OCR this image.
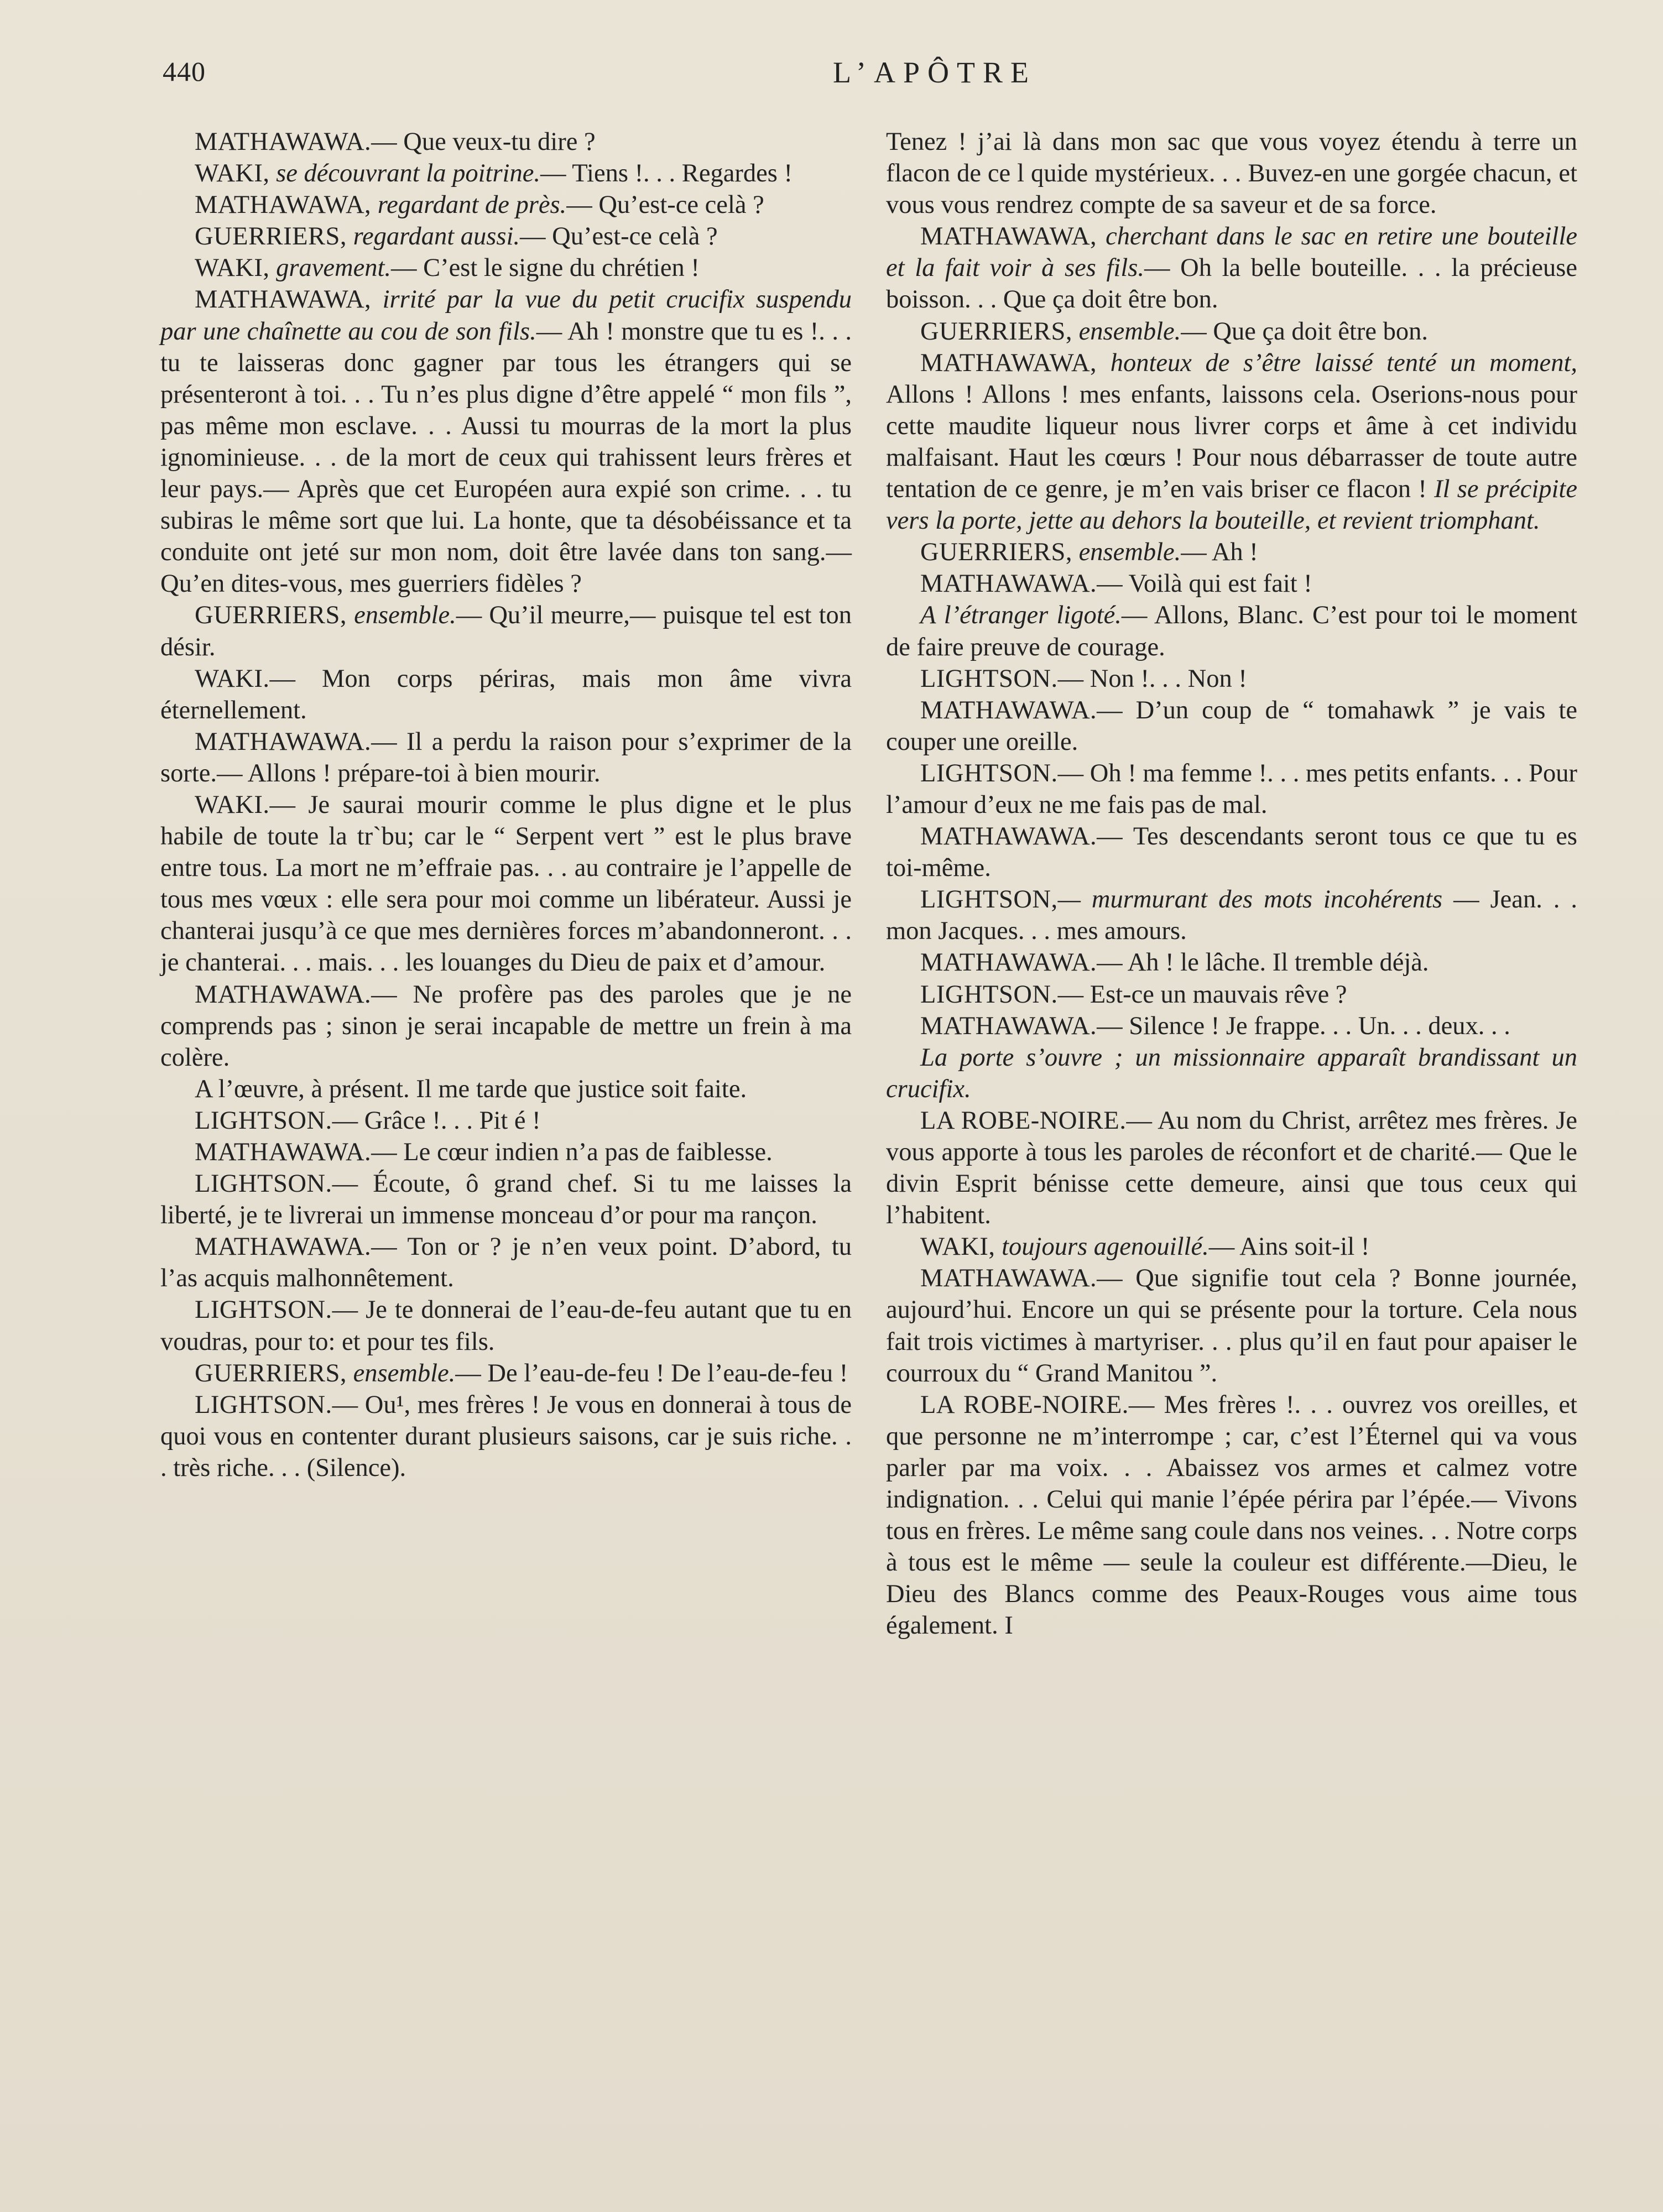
440	L’APÔTRE

MATHAWAWA.— Que veux-tu dire ?

WAKI, se découvrant la poitrine.— Tiens !. . . Regardes !

MATHAWAWA, regardant de près.— Qu’est-ce celà ?

GUERRIERS, regardant aussi.— Qu’est-ce celà ?

WAKI, gravement.— C’est le signe du chrétien !

MATHAWAWA, irrité par la vue du petit crucifix suspendu par une chaînette au cou de son fils.— Ah ! monstre que tu es !. . . tu te laisseras donc gagner par tous les étrangers qui se présenteront à toi. . . Tu n’es plus digne d’être appelé “ mon fils ”, pas même mon esclave. . . Aussi tu mourras de la mort la plus ignominieuse. . . de la mort de ceux qui trahissent leurs frères et leur pays.— Après que cet Européen aura expié son crime. . . tu subiras le même sort que lui. La honte, que ta désobéissance et ta conduite ont jeté sur mon nom, doit être lavée dans ton sang.— Qu’en dites-vous, mes guerriers fidèles ?

GUERRIERS, ensemble.— Qu’il meurre,— puisque tel est ton désir.

WAKI.— Mon corps périras, mais mon âme vivra éternellement.

MATHAWAWA.— Il a perdu la raison pour s’exprimer de la sorte.— Allons ! prépare-toi à bien mourir.

WAKI.— Je saurai mourir comme le plus digne et le plus habile de toute la tr`bu; car le “ Serpent vert ” est le plus brave entre tous. La mort ne m’effraie pas. . . au contraire je l’appelle de tous mes vœux : elle sera pour moi comme un libérateur. Aussi je chanterai jusqu’à ce que mes dernières forces m’abandonneront. . . je chanterai. . . mais. . . les louanges du Dieu de paix et d’amour.

MATHAWAWA.— Ne profère pas des paroles que je ne comprends pas ; sinon je serai incapable de mettre un frein à ma colère.

A l’œuvre, à présent. Il me tarde que justice soit faite.

LIGHTSON.— Grâce !. . . Pit é !

MATHAWAWA.— Le cœur indien n’a pas de faiblesse.

LIGHTSON.— Écoute, ô grand chef. Si tu me laisses la liberté, je te livrerai un immense monceau d’or pour ma rançon.

MATHAWAWA.— Ton or ? je n’en veux point. D’abord, tu l’as acquis malhonnêtement.

LIGHTSON.— Je te donnerai de l’eau-de-feu autant que tu en voudras, pour to: et pour tes fils.

GUERRIERS, ensemble.— De l’eau-de-feu ! De l’eau-de-feu !

LIGHTSON.— Ou¹, mes frères ! Je vous en donnerai à tous de quoi vous en contenter durant plusieurs saisons, car je suis riche. . . très riche. . . (Silence).

Tenez ! j’ai là dans mon sac que vous voyez étendu à terre un flacon de ce l quide mystérieux. . . Buvez-en une gorgée chacun, et vous vous rendrez compte de sa saveur et de sa force.

MATHAWAWA, cherchant dans le sac en retire une bouteille et la fait voir à ses fils.— Oh la belle bouteille. . . la précieuse boisson. . . Que ça doit être bon.

GUERRIERS, ensemble.— Que ça doit être bon.

MATHAWAWA, honteux de s’être laissé tenté un moment, Allons ! Allons ! mes enfants, laissons cela. Oserions-nous pour cette maudite liqueur nous livrer corps et âme à cet individu malfaisant. Haut les cœurs ! Pour nous débarrasser de toute autre tentation de ce genre, je m’en vais briser ce flacon ! Il se précipite vers la porte, jette au dehors la bouteille, et revient triomphant.

GUERRIERS, ensemble.— Ah !

MATHAWAWA.— Voilà qui est fait !

A l’étranger ligoté.— Allons, Blanc. C’est pour toi le moment de faire preuve de courage.

LIGHTSON.— Non !. . . Non !

MATHAWAWA.— D’un coup de “ tomahawk ” je vais te couper une oreille.

LIGHTSON.— Oh ! ma femme !. . . mes petits enfants. . . Pour l’amour d’eux ne me fais pas de mal.

MATHAWAWA.— Tes descendants seront tous ce que tu es toi-même.

LIGHTSON,— murmurant des mots incohérents — Jean. . . mon Jacques. . . mes amours.

MATHAWAWA.— Ah ! le lâche. Il tremble déjà.

LIGHTSON.— Est-ce un mauvais rêve ?

MATHAWAWA.— Silence ! Je frappe. . . Un. . . deux. . .

La porte s’ouvre ; un missionnaire apparaît brandissant un crucifix.

LA ROBE-NOIRE.— Au nom du Christ, arrêtez mes frères. Je vous apporte à tous les paroles de réconfort et de charité.— Que le divin Esprit bénisse cette demeure, ainsi que tous ceux qui l’habitent.

WAKI, toujours agenouillé.— Ains soit-il !

MATHAWAWA.— Que signifie tout cela ? Bonne journée, aujourd’hui. Encore un qui se présente pour la torture. Cela nous fait trois victimes à martyriser. . . plus qu’il en faut pour apaiser le courroux du “ Grand Manitou ”.

LA ROBE-NOIRE.— Mes frères !. . . ouvrez vos oreilles, et que personne ne m’interrompe ; car, c’est l’Éternel qui va vous parler par ma voix. . . Abaissez vos armes et calmez votre indignation. . . Celui qui manie l’épée périra par l’épée.— Vivons tous en frères. Le même sang coule dans nos veines. . . Notre corps à tous est le même — seule la couleur est différente.—Dieu, le Dieu des Blancs comme des Peaux-Rouges vous aime tous également. I
